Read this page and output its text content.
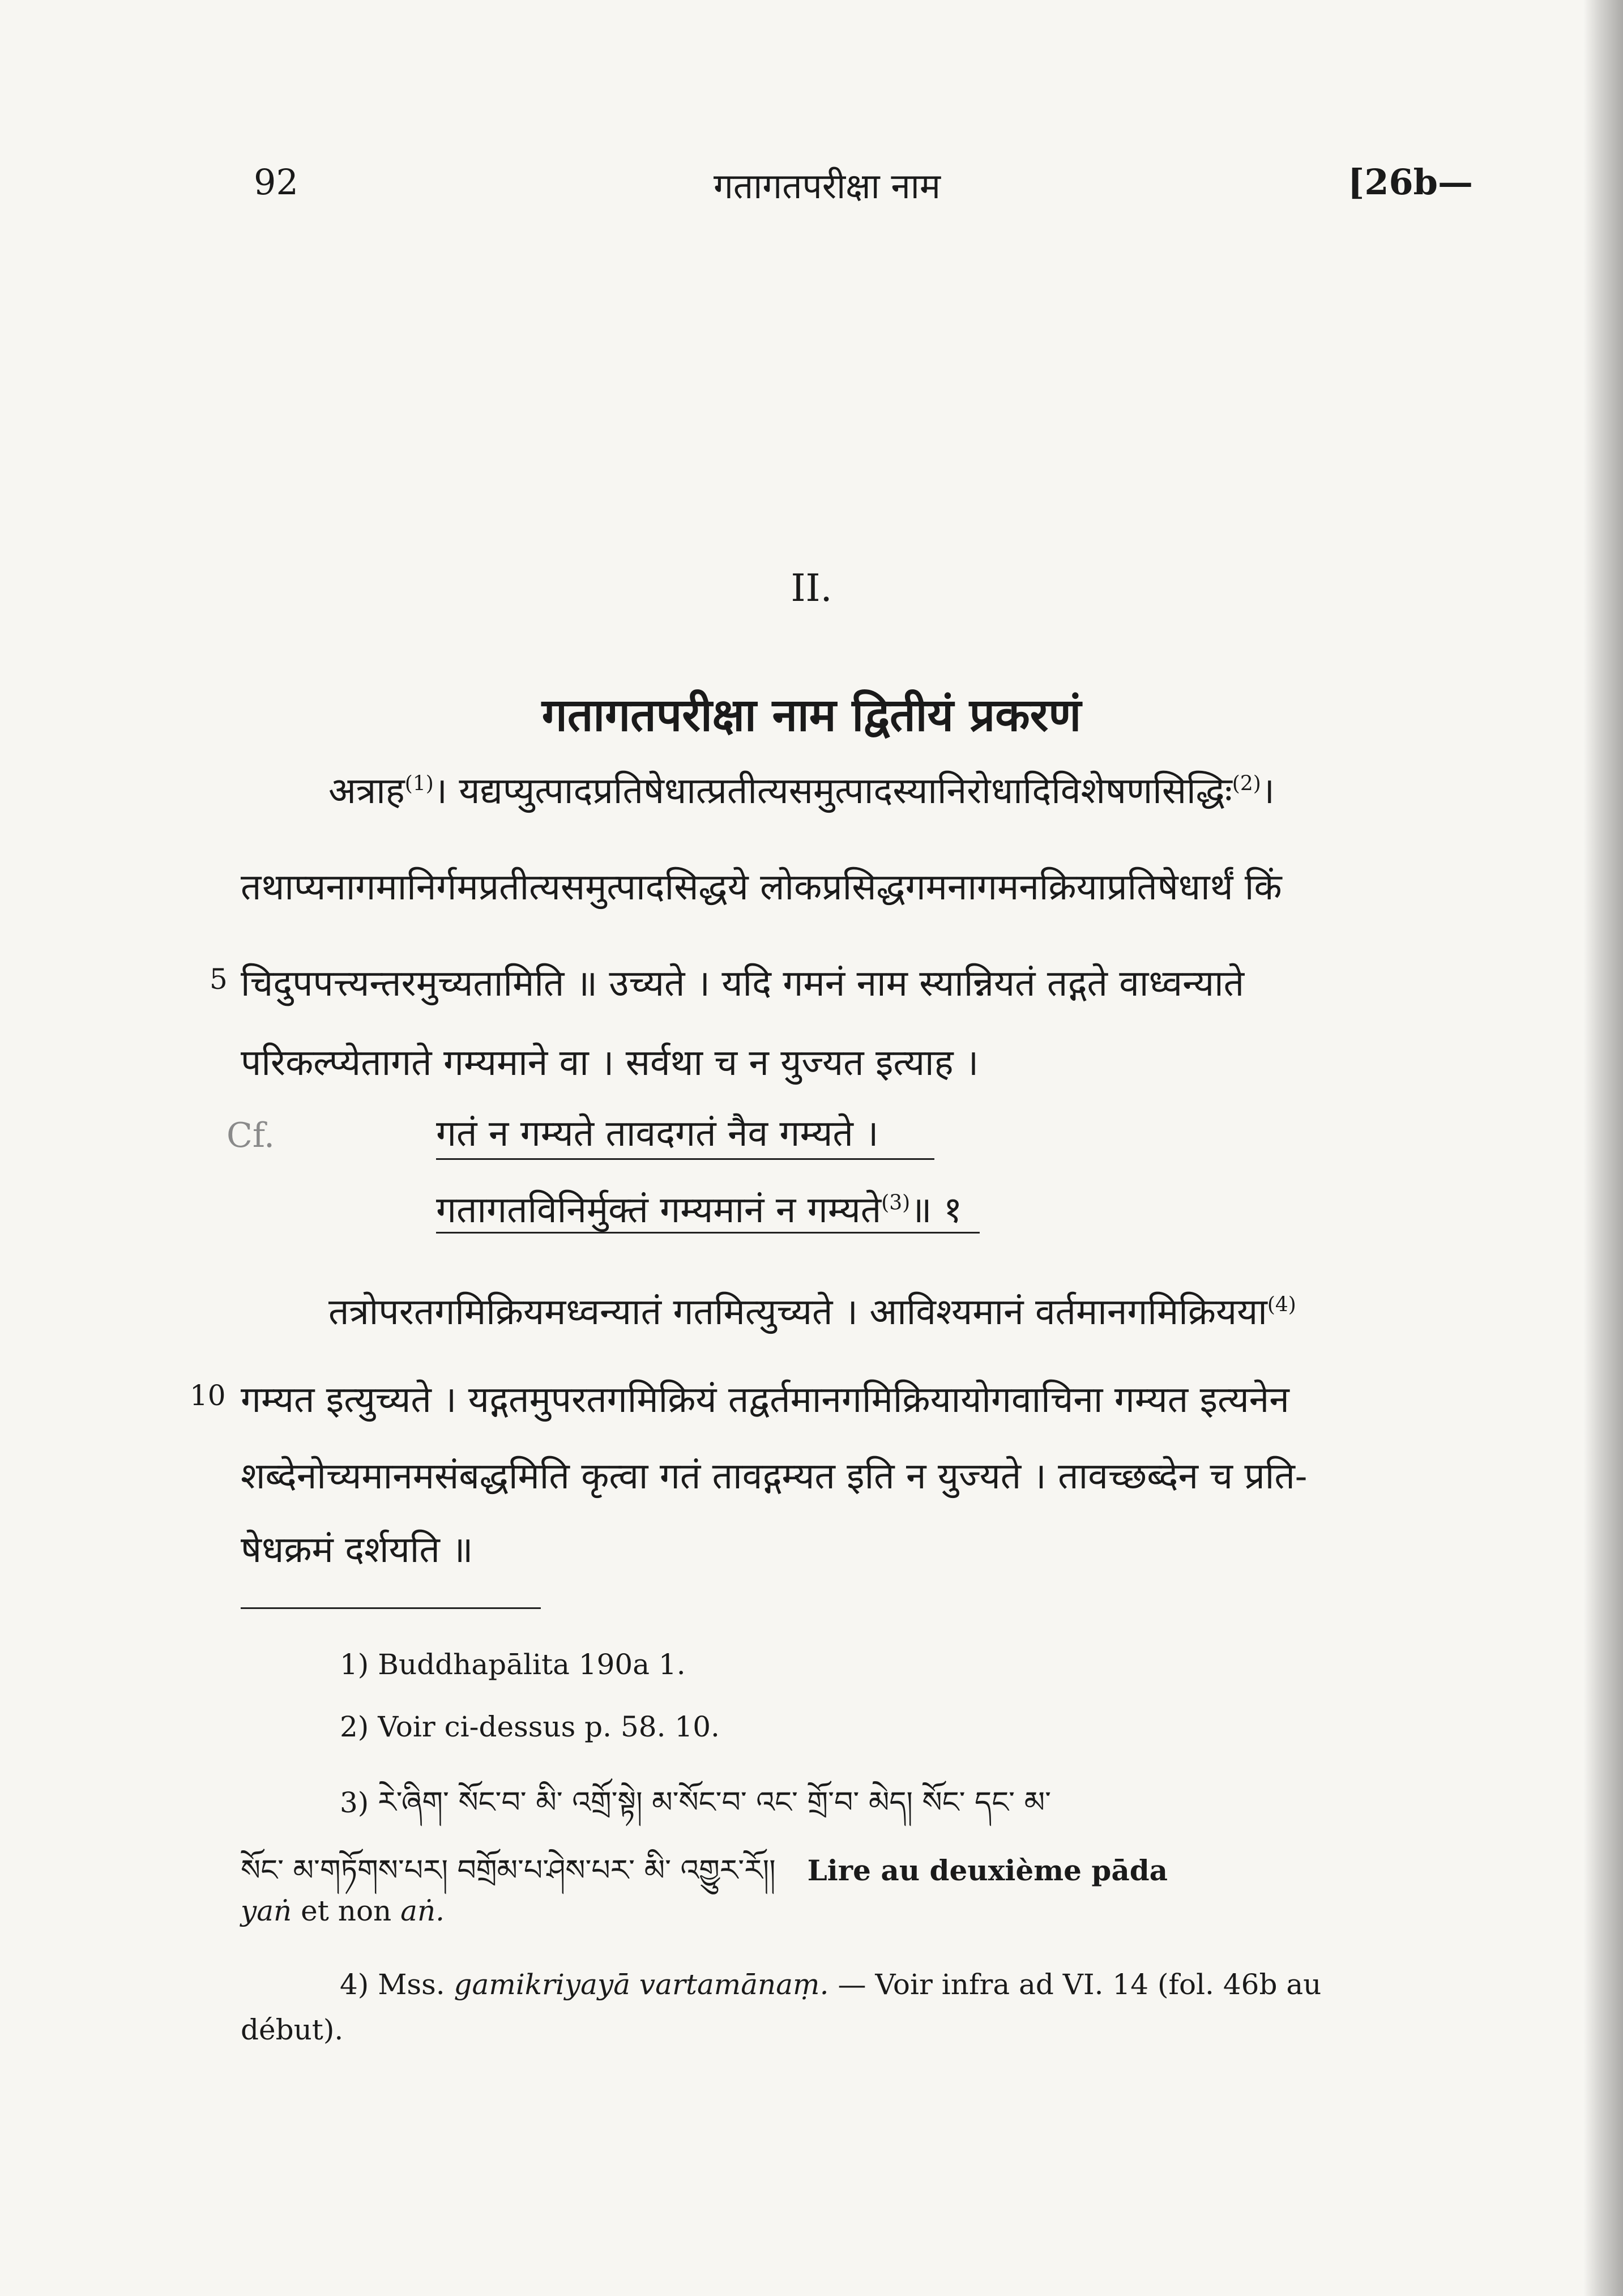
92	गतागतपरीक्षा नाम	[26b—
II.
गतागतपरीक्षा नाम द्वितीयं प्रकरणं
अत्राह$^{(1)}$। यद्यप्युत्पादप्रतिषेधात्प्रतीत्यसमुत्पादस्यानिरोधादिविशेषणसिद्धिः$^{(2)}$।
तथाप्यनागमानिर्गमप्रतीत्यसमुत्पादसिद्धये लोकप्रसिद्धगमनागमनक्रियाप्रतिषेधार्थं किं
5 चिदुपपत्त्यन्तरमुच्यतामिति ॥ उच्यते । यदि गमनं नाम स्यान्नियतं तद्गते वाध्वन्याते
परिकल्प्येतागते गम्यमाने वा । सर्वथा च न युज्यत इत्याह ।
Cf.	गतं न गम्यते तावदगतं नैव गम्यते ।
गतागतविनिर्मुक्तं गम्यमानं न गम्यते$^{(3)}$॥ १
तत्रोपरतगमिक्रियमध्वन्यातं गतमित्युच्यते । आविश्यमानं वर्तमानगमिक्रियया$^{(4)}$
10 गम्यत इत्युच्यते । यद्गतमुपरतगमिक्रियं तद्वर्तमानगमिक्रियायोगवाचिना गम्यत इत्यनेन
शब्देनोच्यमानमसंबद्धमिति कृत्वा गतं तावद्गम्यत इति न युज्यते । तावच्छब्देन च प्रति-
षेधक्रमं दर्शयति ॥
1) Buddhapālita 190a 1.
2) Voir ci-dessus p. 58. 10.
3) རེ་ཞིག་ སོང་བ་ མི་ འགྲོ་སྟེ། མ་སོང་བ་ འང་ གྲོ་བ་ མེད། སོང་ དང་ མ་
སོང་ མ་གཏོགས་པར། བགྲོམ་པ་ཤེས་པར་ མི་ འགྱུར་རོ།། Lire au deuxième pāda
yaṅ et non aṅ.
4) Mss. gamikriyayā vartamānaṃ. — Voir infra ad VI. 14 (fol. 46b au
début).
